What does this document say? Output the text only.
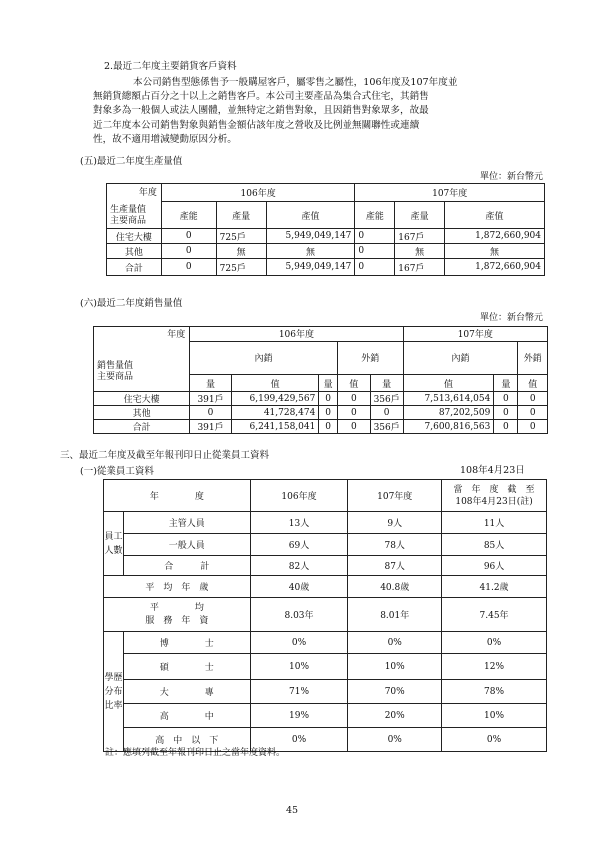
2.最近二年度主要銷貨客戶資料
本公司銷售型態係售予一般購屋客戶，屬零售之屬性，106年度及107年度並
無銷貨總額占百分之十以上之銷售客戶。本公司主要產品為集合式住宅，其銷售
對象多為一般個人或法人團體，並無特定之銷售對象，且因銷售對象眾多，故最
近二年度本公司銷售對象與銷售金額佔該年度之營收及比例並無關聯性或連續
性，故不適用增減變動原因分析。
(五)最近二年度生產量值
單位：新台幣元
年度
生產量值
主要商品	106年度			107年度		
	產能	產量	產值	產能	產量	產值
住宅大樓	0	725戶	5,949,049,147	0	167戶	1,872,660,904
其他	0	無	無	0	無	無
合計	0	725戶	5,949,049,147	0	167戶	1,872,660,904
(六)最近二年度銷售量值
單位：新台幣元
年度
銷售量值
主要商品	106年度					107年度		
	內銷			外銷		內銷		外銷
	量	值	量	值	量	值	量	值
住宅大樓	391戶	6,199,429,567	0	0	356戶	7,513,614,054	0	0
其他	0	41,728,474	0	0	0	87,202,509	0	0
合計	391戶	6,241,158,041	0	0	356戶	7,600,816,563	0	0
三、最近二年度及截至年報刊印日止從業員工資料
(一)從業員工資料	108年4月23日
年　　　　度		106年度	107年度	當　年　度　截　至
108年4月23日(註)
員工人數	主管人員	13人	9人	11人
	一般人員	69人	78人	85人
	合　　　計	82人	87人	96人
平　均　年　歲		40歲	40.8歲	41.2歲
平　　　　均
服　務　年　資		8.03年	8.01年	7.45年
學歷分布比率	博　　　　士	0%	0%	0%
	碩　　　　士	10%	10%	12%
	大　　　　專	71%	70%	78%
	高　　　　中	19%	20%	10%
	高　中　以　下	0%	0%	0%
註：應填列截至年報刊印日止之當年度資料。
45
